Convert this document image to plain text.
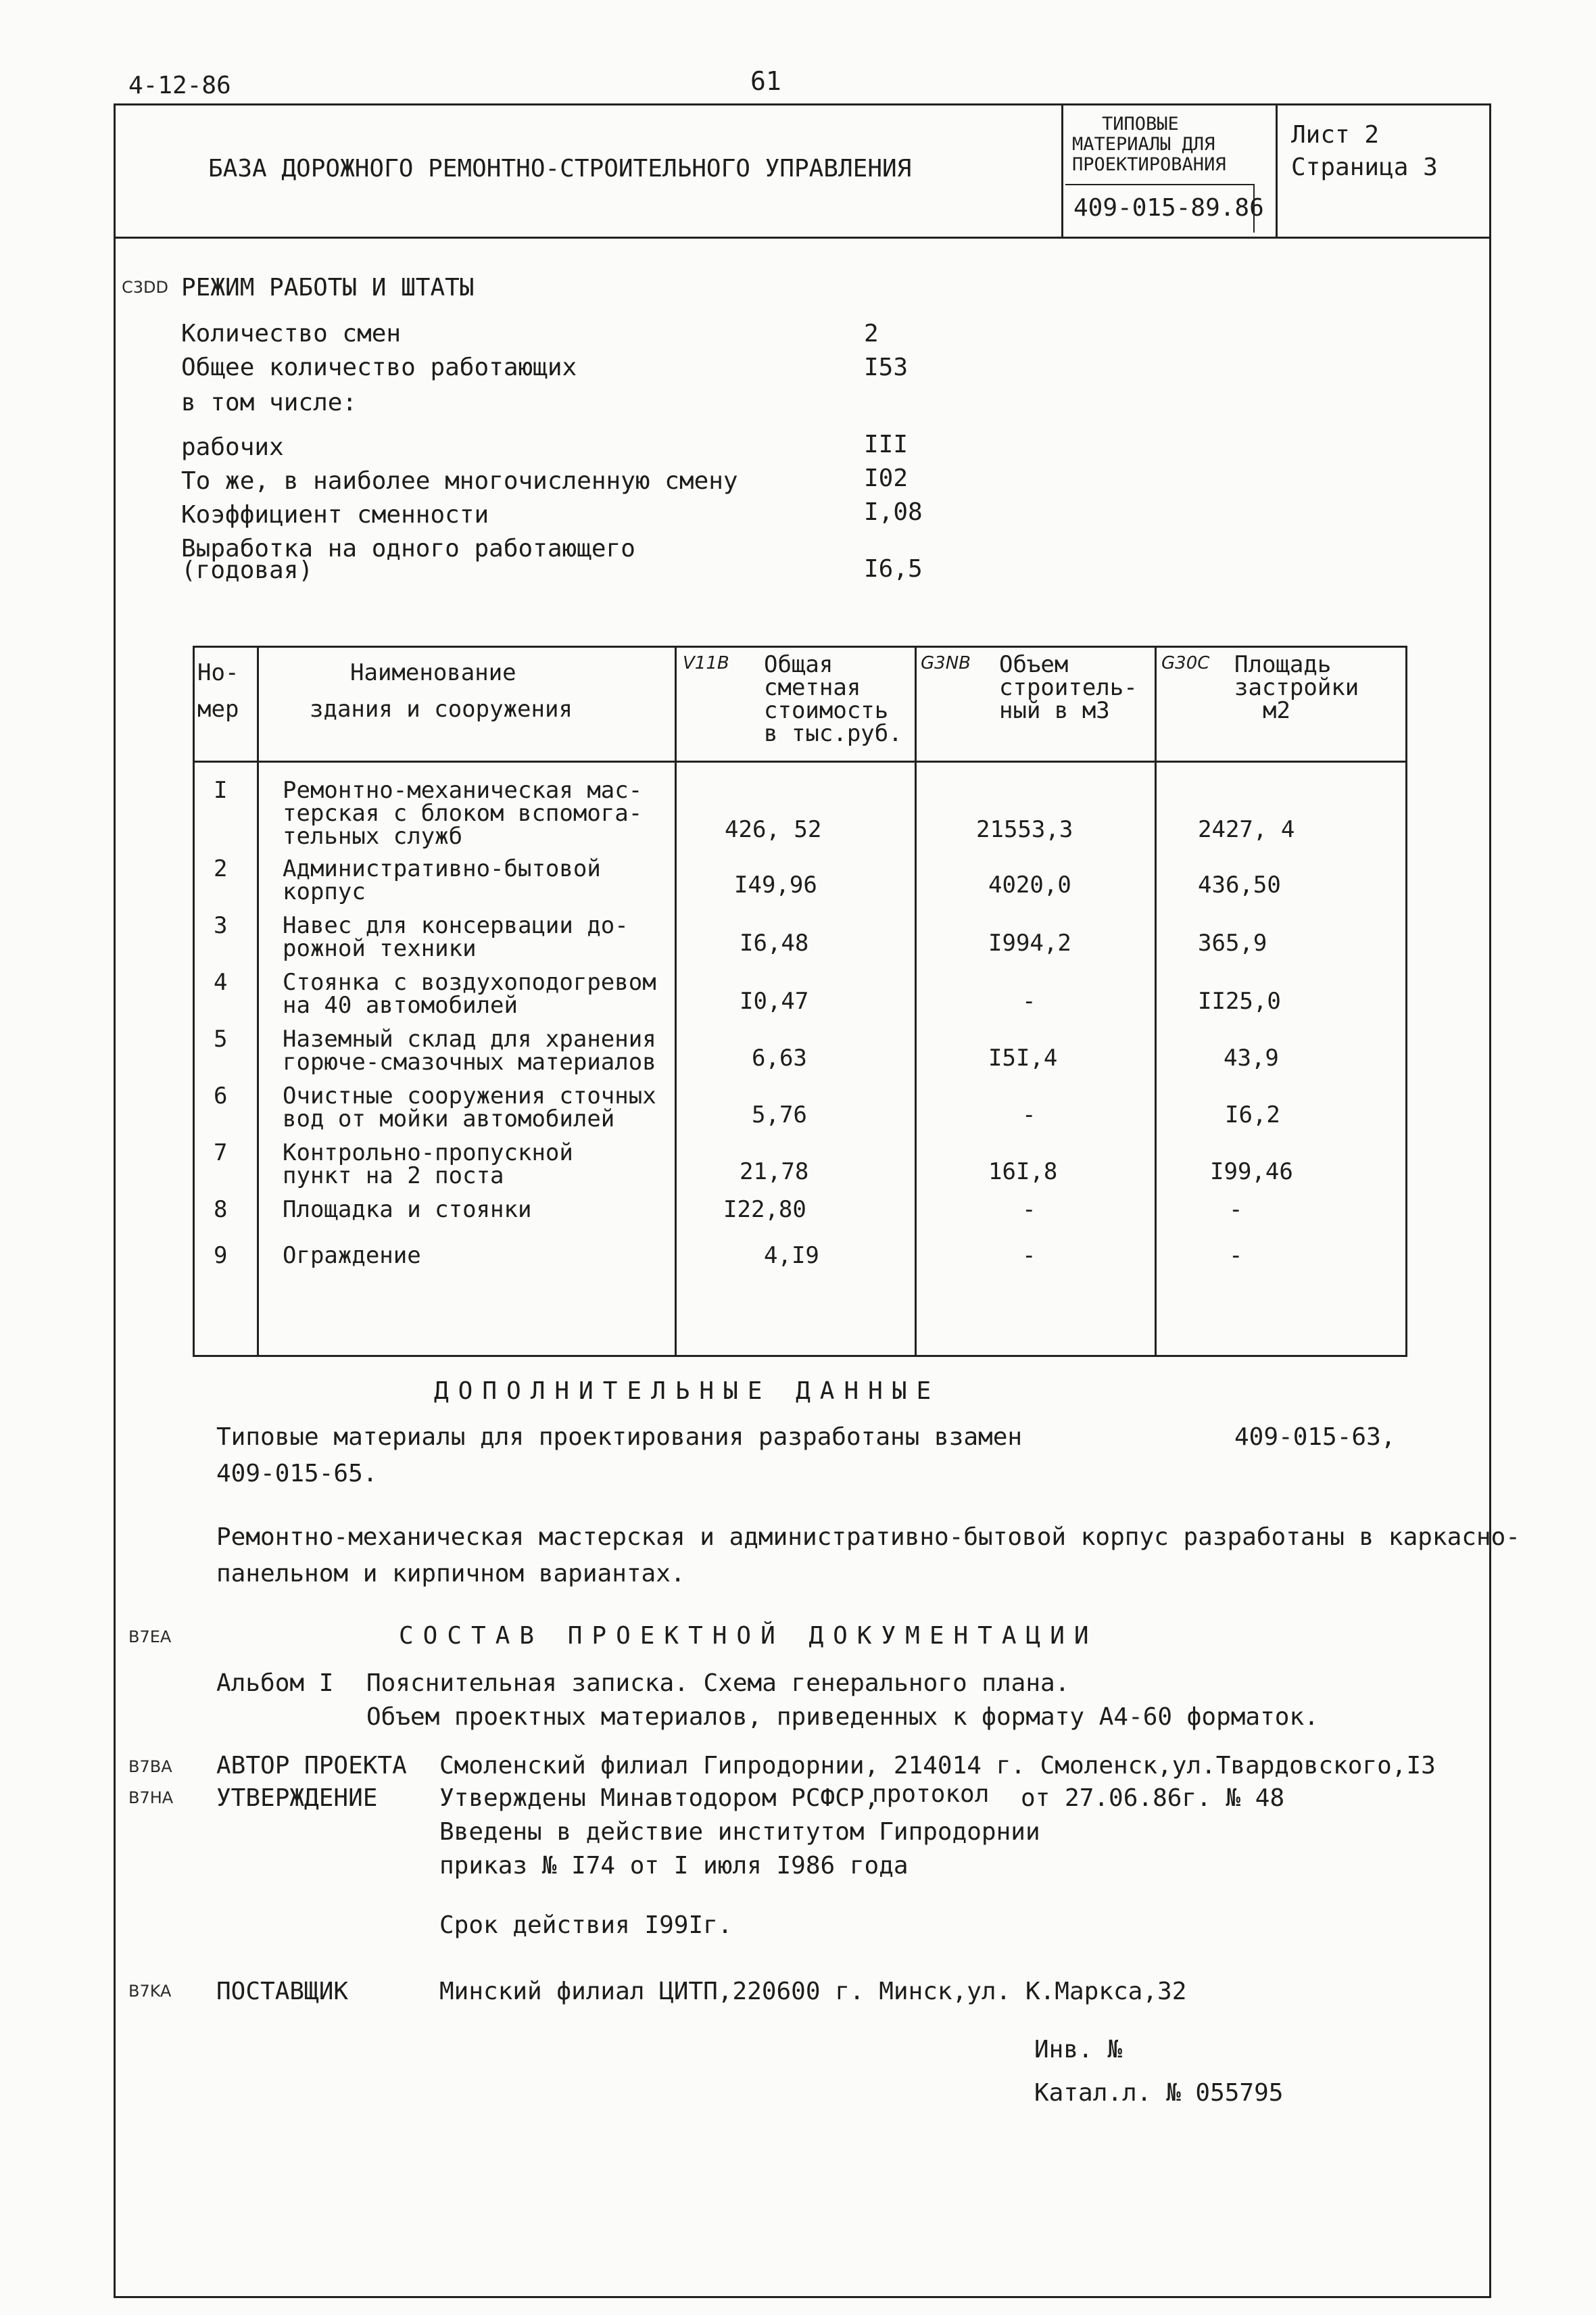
4-12-86	61
БАЗА ДОРОЖНОГО РЕМОНТНО-СТРОИТЕЛЬНОГО УПРАВЛЕНИЯ
ТИПОВЫЕ
МАТЕРИАЛЫ ДЛЯ
ПРОЕКТИРОВАНИЯ
409-015-89.86
Лист 2
Страница 3
C3DD РЕЖИМ РАБОТЫ И ШТАТЫ
Количество смен	2
Общее количество работающих	I53
в том числе:
рабочих	III
То же, в наиболее многочисленную смену	I02
Коэффициент сменности	I,08
Выработка на одного работающего
(годовая)	I6,5
Но-
мер
Наименование
здания и сооружения
V11B Общая
сметная
стоимость
в тыс.руб.
G3NB Объем
строитель-
ный в м3
G30C Площадь
застройки
м2
I Ремонтно-механическая мас-
терская с блоком вспомога-
тельных служб	426, 52	21553,3	2427, 4
2 Административно-бытовой
корпус	I49,96	4020,0	436,50
3 Навес для консервации до-
рожной техники	I6,48	I994,2	365,9
4 Стоянка с воздухоподогревом
на 40 автомобилей	I0,47	-	II25,0
5 Наземный склад для хранения
горюче-смазочных материалов	6,63	I5I,4	43,9
6 Очистные сооружения сточных
вод от мойки автомобилей	5,76	-	I6,2
7 Контрольно-пропускной
пункт на 2 поста	21,78	16I,8	I99,46
8 Площадка и стоянки	I22,80	-	-
9 Ограждение	4,I9	-	-
ДОПОЛНИТЕЛЬНЫЕ ДАННЫЕ
Типовые материалы для проектирования разработаны взамен	409-015-63,
409-015-65.
Ремонтно-механическая мастерская и административно-бытовой корпус разработаны в каркасно-
панельном и кирпичном вариантах.
B7EA	СОСТАВ ПРОЕКТНОЙ ДОКУМЕНТАЦИИ
Альбом I Пояснительная записка. Схема генерального плана.
Объем проектных материалов, приведенных к формату А4-60 форматок.
B7BA АВТОР ПРОЕКТА Смоленский филиал Гипродорнии, 214014 г. Смоленск,ул.Твардовского,I3
B7HA УТВЕРЖДЕНИЕ	Утверждены Минавтодором РСФСР,
протокол от 27.06.86г. № 48
Введены в действие институтом Гипродорнии
приказ № I74 от I июля I986 года
Срок действия I99Iг.
B7KA ПОСТАВЩИК	Минский филиал ЦИТП,220600 г. Минск,ул. К.Маркса,32
Инв. №
Катал.л. № 055795
